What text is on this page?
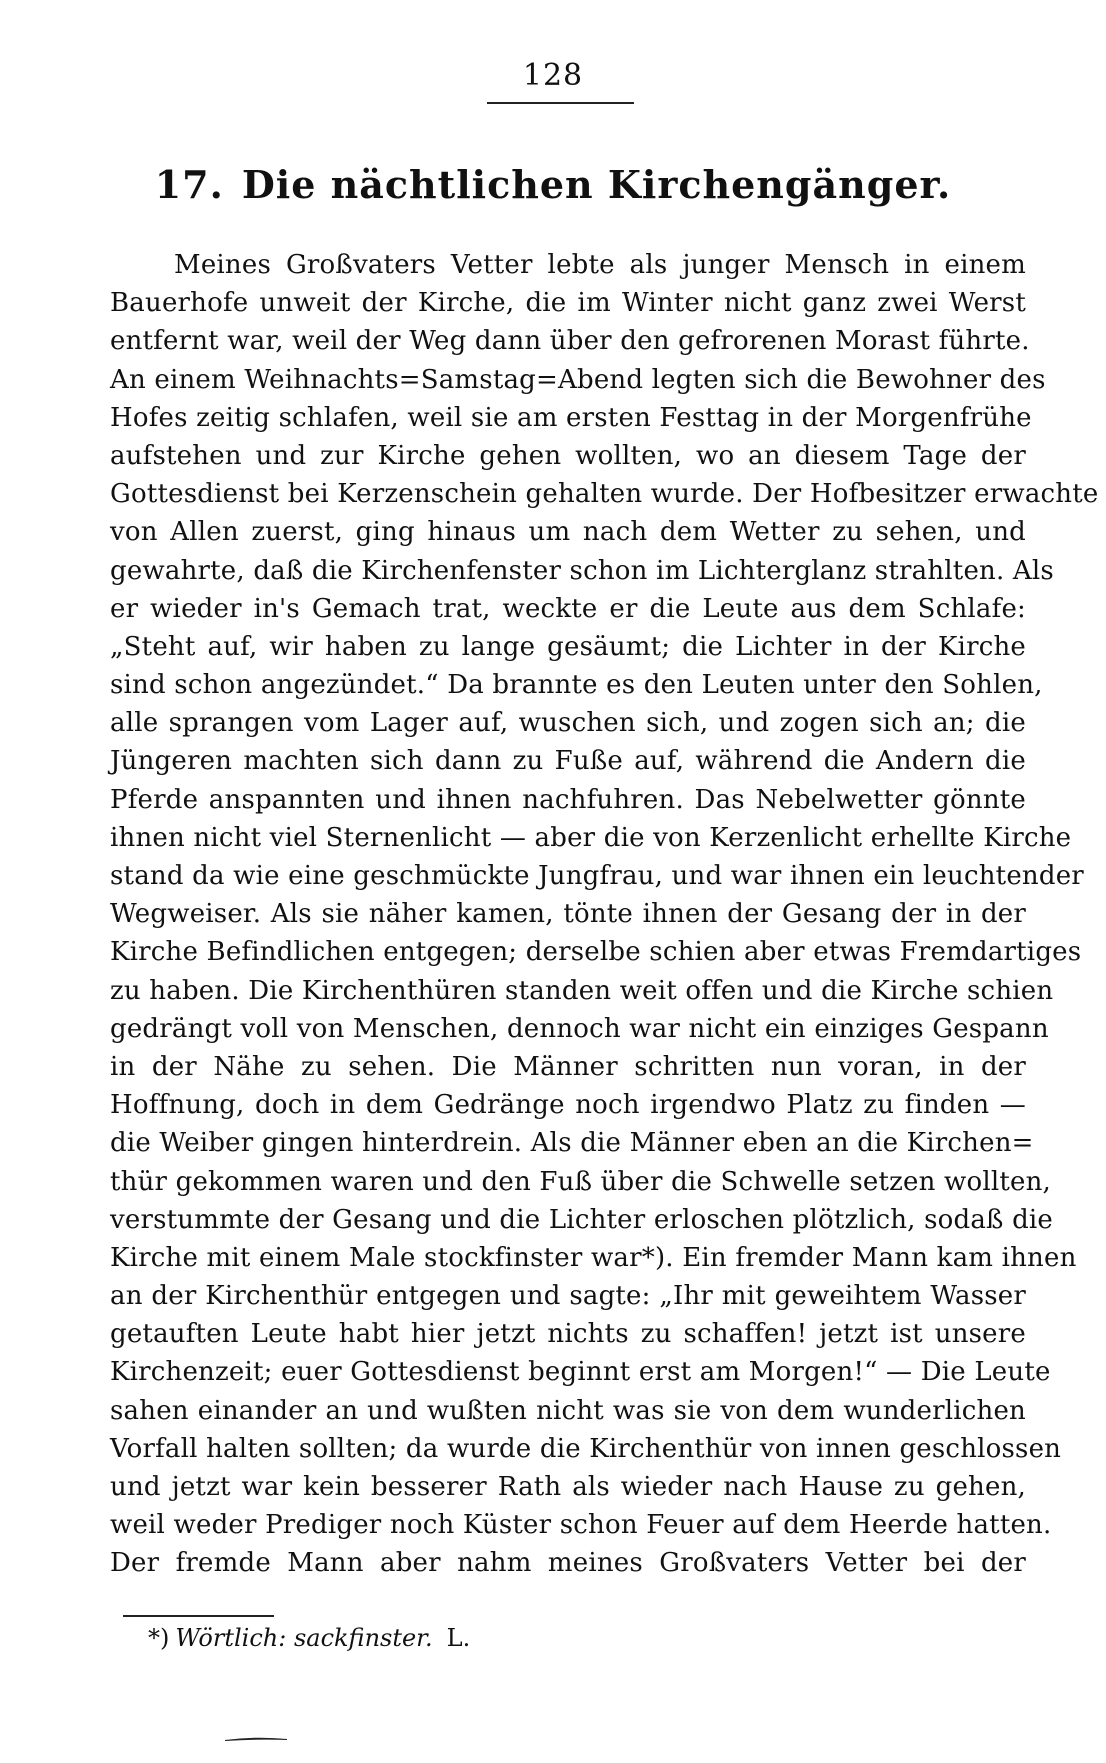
128
17. Die nächtlichen Kirchengänger.
Meines Großvaters Vetter lebte als junger Mensch in einem
Bauerhofe unweit der Kirche, die im Winter nicht ganz zwei Werst
entfernt war, weil der Weg dann über den gefrorenen Morast führte.
An einem Weihnachts=Samstag=Abend legten sich die Bewohner des
Hofes zeitig schlafen, weil sie am ersten Festtag in der Morgenfrühe
aufstehen und zur Kirche gehen wollten, wo an diesem Tage der
Gottesdienst bei Kerzenschein gehalten wurde. Der Hofbesitzer erwachte
von Allen zuerst, ging hinaus um nach dem Wetter zu sehen, und
gewahrte, daß die Kirchenfenster schon im Lichterglanz strahlten. Als
er wieder in's Gemach trat, weckte er die Leute aus dem Schlafe:
„Steht auf, wir haben zu lange gesäumt; die Lichter in der Kirche
sind schon angezündet.“ Da brannte es den Leuten unter den Sohlen,
alle sprangen vom Lager auf, wuschen sich, und zogen sich an; die
Jüngeren machten sich dann zu Fuße auf, während die Andern die
Pferde anspannten und ihnen nachfuhren. Das Nebelwetter gönnte
ihnen nicht viel Sternenlicht — aber die von Kerzenlicht erhellte Kirche
stand da wie eine geschmückte Jungfrau, und war ihnen ein leuchtender
Wegweiser. Als sie näher kamen, tönte ihnen der Gesang der in der
Kirche Befindlichen entgegen; derselbe schien aber etwas Fremdartiges
zu haben. Die Kirchenthüren standen weit offen und die Kirche schien
gedrängt voll von Menschen, dennoch war nicht ein einziges Gespann
in der Nähe zu sehen. Die Männer schritten nun voran, in der
Hoffnung, doch in dem Gedränge noch irgendwo Platz zu finden —
die Weiber gingen hinterdrein. Als die Männer eben an die Kirchen=
thür gekommen waren und den Fuß über die Schwelle setzen wollten,
verstummte der Gesang und die Lichter erloschen plötzlich, sodaß die
Kirche mit einem Male stockfinster war*). Ein fremder Mann kam ihnen
an der Kirchenthür entgegen und sagte: „Ihr mit geweihtem Wasser
getauften Leute habt hier jetzt nichts zu schaffen! jetzt ist unsere
Kirchenzeit; euer Gottesdienst beginnt erst am Morgen!“ — Die Leute
sahen einander an und wußten nicht was sie von dem wunderlichen
Vorfall halten sollten; da wurde die Kirchenthür von innen geschlossen
und jetzt war kein besserer Rath als wieder nach Hause zu gehen,
weil weder Prediger noch Küster schon Feuer auf dem Heerde hatten.
Der fremde Mann aber nahm meines Großvaters Vetter bei der
*) Wörtlich: sackfinster. L.
